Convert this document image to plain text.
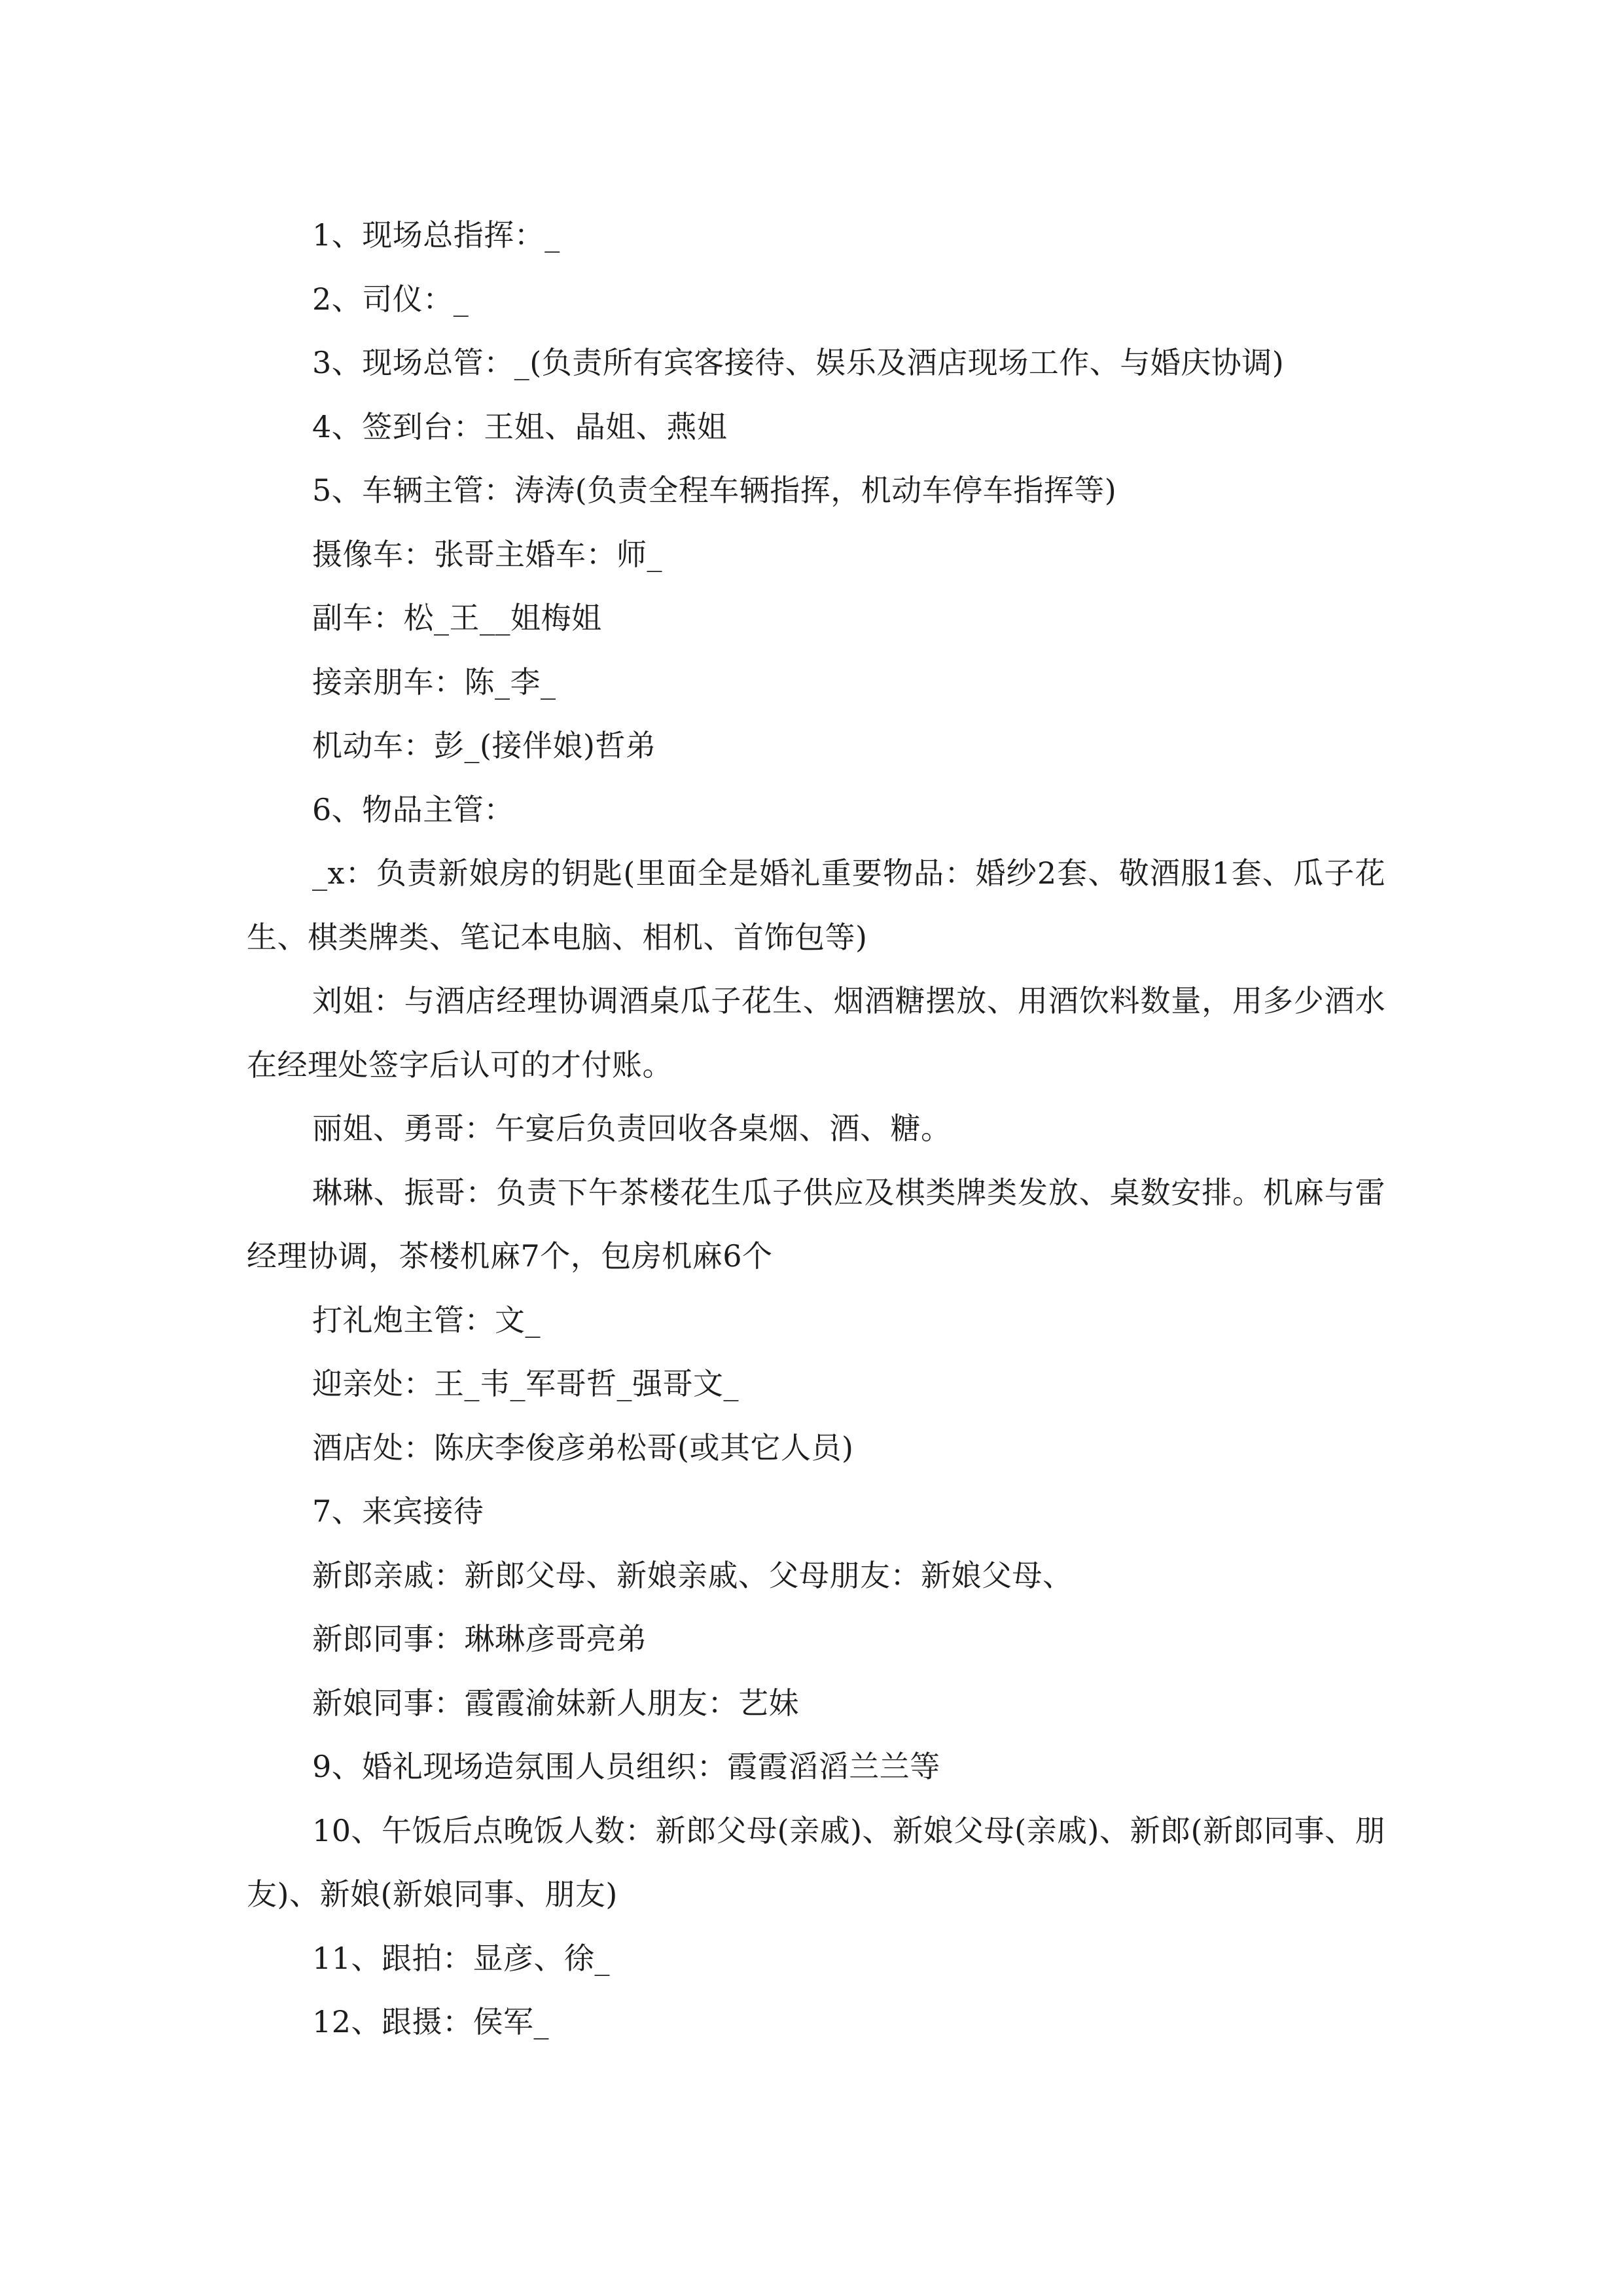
1、现场总指挥：_

2、司仪：_

3、现场总管：_(负责所有宾客接待、娱乐及酒店现场工作、与婚庆协调)

4、签到台：王姐、晶姐、燕姐

5、车辆主管：涛涛(负责全程车辆指挥，机动车停车指挥等)

摄像车：张哥主婚车：师_

副车：松_王__姐梅姐

接亲朋车：陈_李_

机动车：彭_(接伴娘)哲弟

6、物品主管：

_x：负责新娘房的钥匙(里面全是婚礼重要物品：婚纱2套、敬酒服1套、瓜子花生、棋类牌类、笔记本电脑、相机、首饰包等)

刘姐：与酒店经理协调酒桌瓜子花生、烟酒糖摆放、用酒饮料数量，用多少酒水在经理处签字后认可的才付账。

丽姐、勇哥：午宴后负责回收各桌烟、酒、糖。

琳琳、振哥：负责下午茶楼花生瓜子供应及棋类牌类发放、桌数安排。机麻与雷经理协调，茶楼机麻7个，包房机麻6个

打礼炮主管：文_

迎亲处：王_韦_军哥哲_强哥文_

酒店处：陈庆李俊彦弟松哥(或其它人员)

7、来宾接待

新郎亲戚：新郎父母、新娘亲戚、父母朋友：新娘父母、

新郎同事：琳琳彦哥亮弟

新娘同事：霞霞渝妹新人朋友：艺妹

9、婚礼现场造氛围人员组织：霞霞滔滔兰兰等

10、午饭后点晚饭人数：新郎父母(亲戚)、新娘父母(亲戚)、新郎(新郎同事、朋友)、新娘(新娘同事、朋友)

11、跟拍：显彦、徐_

12、跟摄：侯军_
